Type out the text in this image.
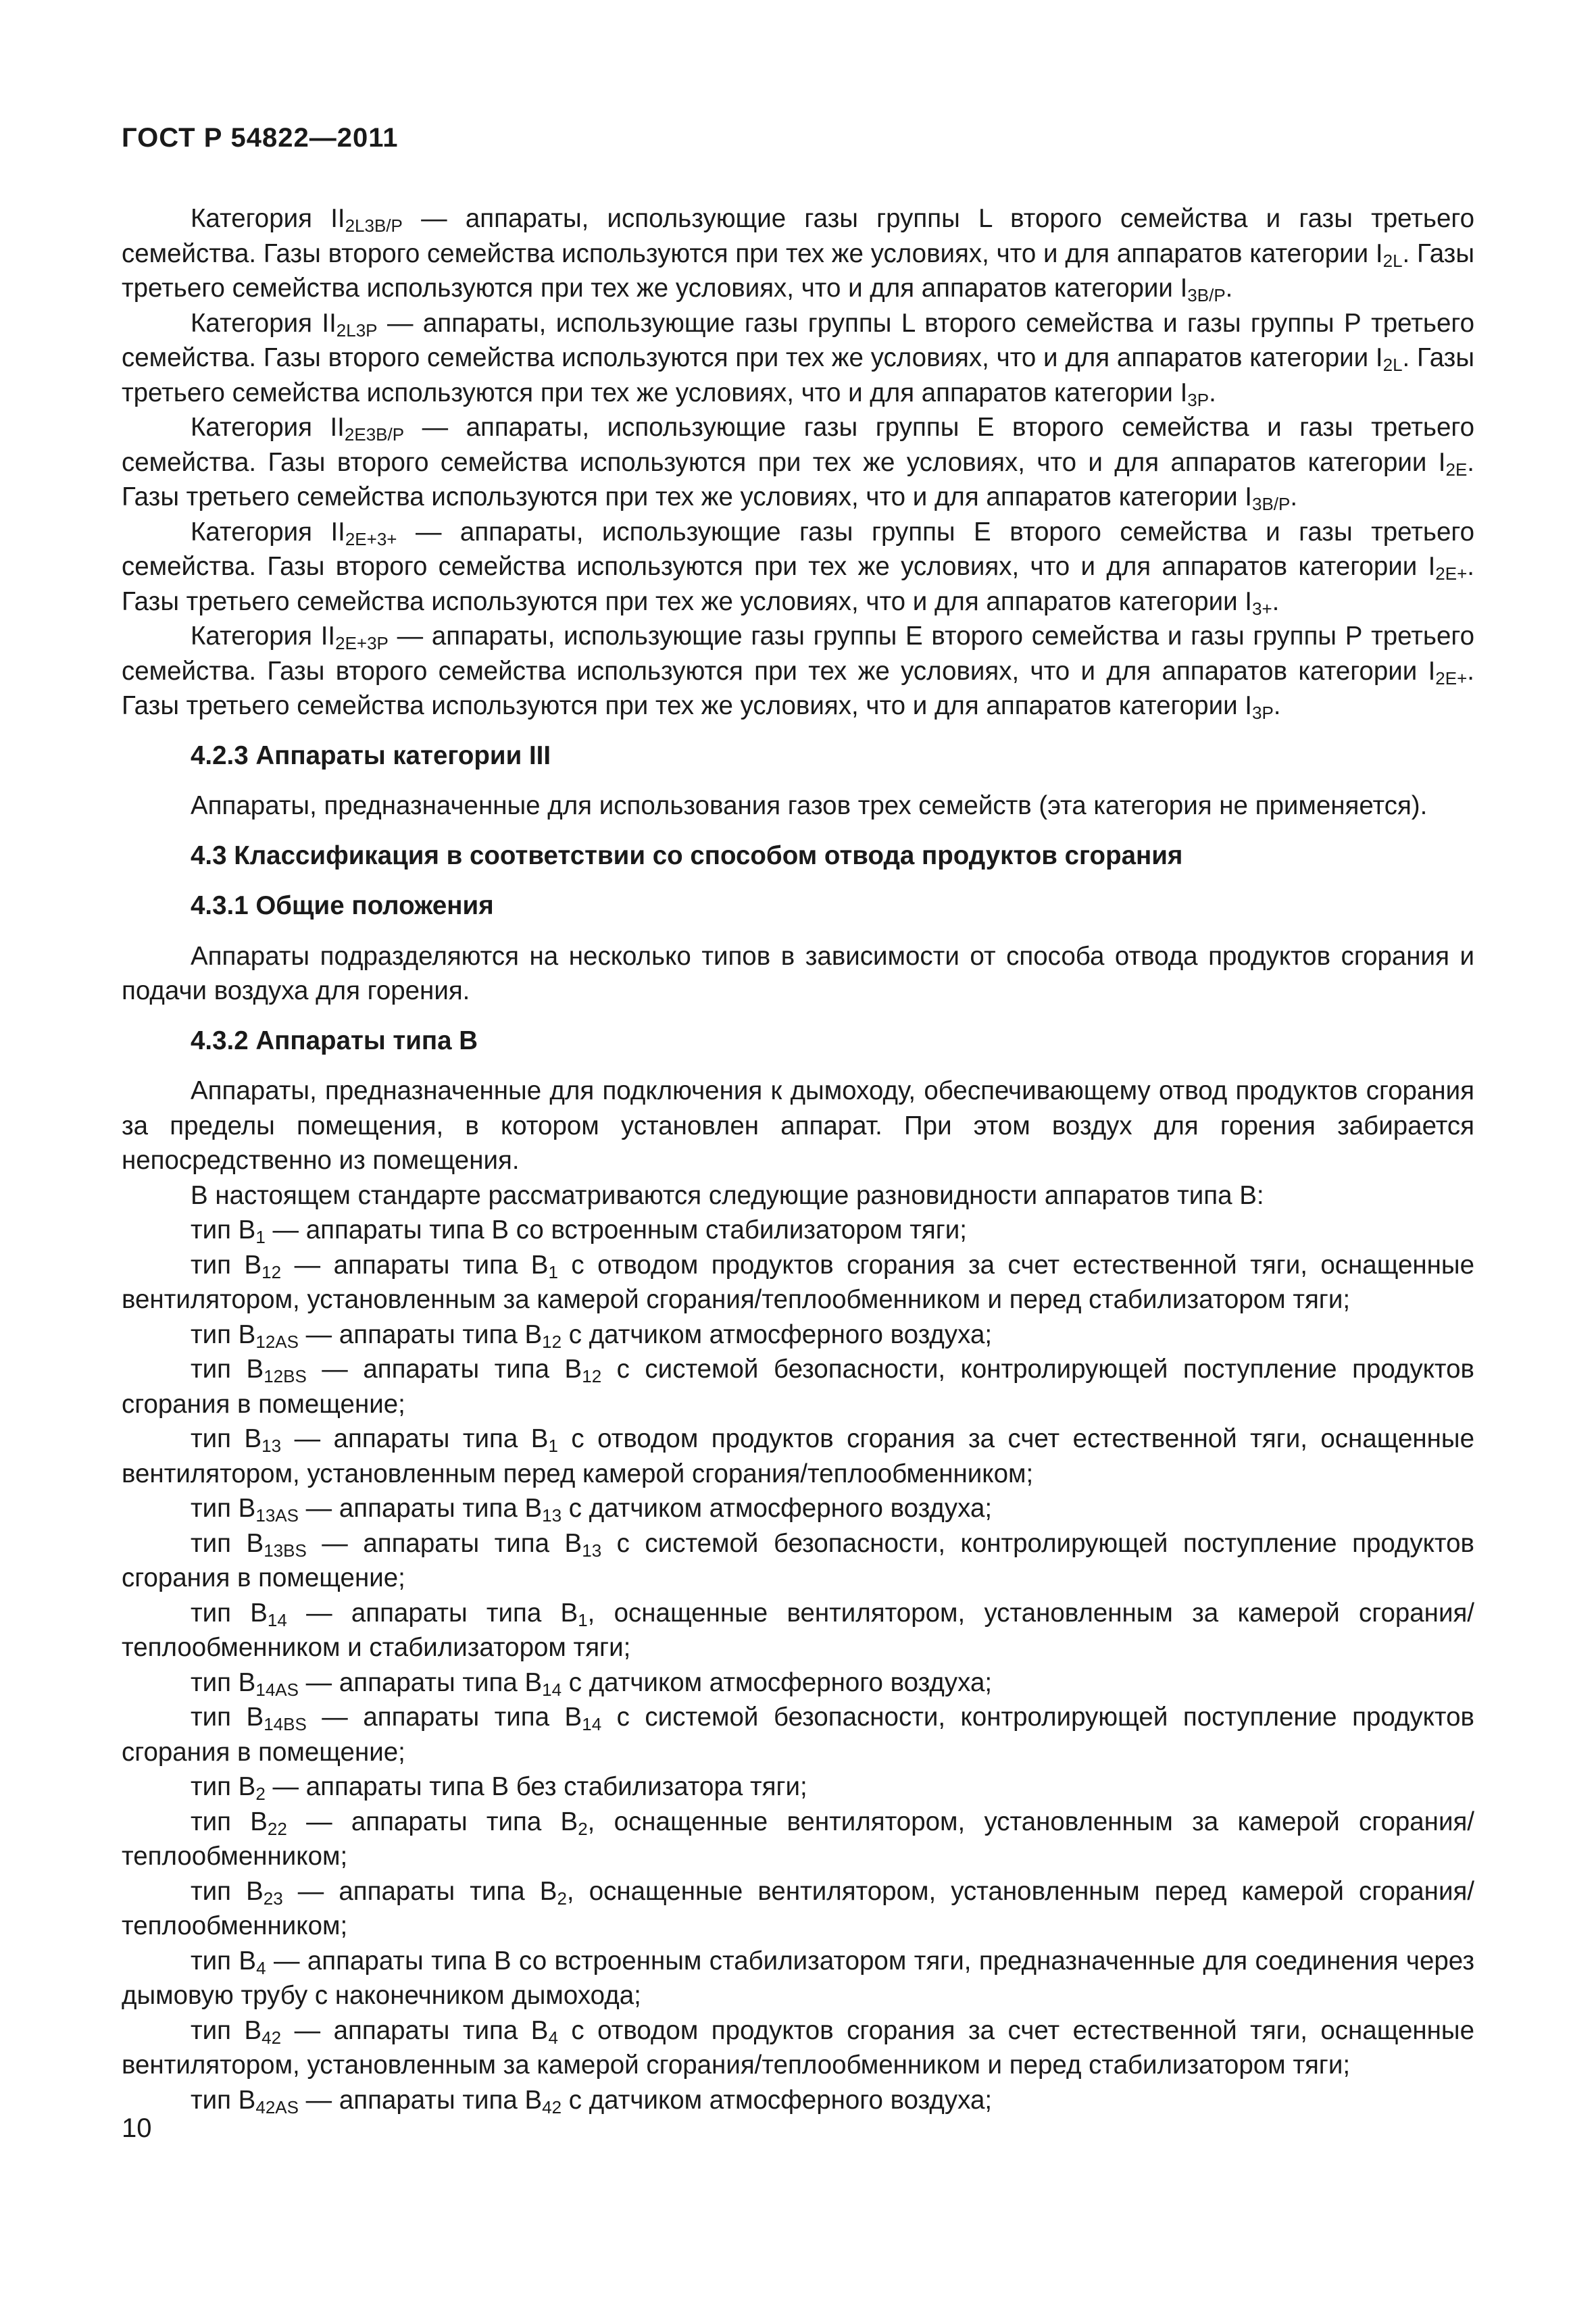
ГОСТ Р 54822—2011

Категория $II_{2L3B/P}$ — аппараты, использующие газы группы L второго семейства и газы третьего семейства. Газы второго семейства используются при тех же условиях, что и для аппаратов категории $I_{2L}$. Газы третьего семейства используются при тех же условиях, что и для аппаратов категории $I_{3B/P}$.

Категория $II_{2L3P}$ — аппараты, использующие газы группы L второго семейства и газы группы Р третьего семейства. Газы второго семейства используются при тех же условиях, что и для аппаратов категории $I_{2L}$. Газы третьего семейства используются при тех же условиях, что и для аппаратов категории $I_{3P}$.

Категория $II_{2E3B/P}$ — аппараты, использующие газы группы Е второго семейства и газы третьего семейства. Газы второго семейства используются при тех же условиях, что и для аппаратов категории $I_{2E}$. Газы третьего семейства используются при тех же условиях, что и для аппаратов категории $I_{3B/P}$.

Категория $II_{2E+3+}$ — аппараты, использующие газы группы Е второго семейства и газы третьего семейства. Газы второго семейства используются при тех же условиях, что и для аппаратов категории $I_{2E+}$. Газы третьего семейства используются при тех же условиях, что и для аппаратов категории $I_{3+}$.

Категория $II_{2E+3P}$ — аппараты, использующие газы группы Е второго семейства и газы группы Р третьего семейства. Газы второго семейства используются при тех же условиях, что и для аппаратов категории $I_{2E+}$. Газы третьего семейства используются при тех же условиях, что и для аппаратов категории $I_{3P}$.

4.2.3 Аппараты категории III

Аппараты, предназначенные для использования газов трех семейств (эта категория не применяется).

4.3 Классификация в соответствии со способом отвода продуктов сгорания
4.3.1 Общие положения

Аппараты подразделяются на несколько типов в зависимости от способа отвода продуктов сгорания и подачи воздуха для горения.

4.3.2 Аппараты типа В

Аппараты, предназначенные для подключения к дымоходу, обеспечивающему отвод продуктов сгорания за пределы помещения, в котором установлен аппарат. При этом воздух для горения забирается непосредственно из помещения.

В настоящем стандарте рассматриваются следующие разновидности аппаратов типа В:

тип $В_1$ — аппараты типа В со встроенным стабилизатором тяги;

тип $В_{12}$ — аппараты типа $В_1$ с отводом продуктов сгорания за счет естественной тяги, оснащенные вентилятором, установленным за камерой сгорания/теплообменником и перед стабилизатором тяги;

тип $В_{12AS}$ — аппараты типа $В_{12}$ с датчиком атмосферного воздуха;

тип $В_{12BS}$ — аппараты типа $В_{12}$ с системой безопасности, контролирующей поступление продуктов сгорания в помещение;

тип $В_{13}$ — аппараты типа $В_1$ с отводом продуктов сгорания за счет естественной тяги, оснащенные вентилятором, установленным перед камерой сгорания/теплообменником;

тип $В_{13AS}$ — аппараты типа $В_{13}$ с датчиком атмосферного воздуха;

тип $В_{13BS}$ — аппараты типа $В_{13}$ с системой безопасности, контролирующей поступление продуктов сгорания в помещение;

тип $В_{14}$ — аппараты типа $В_1$, оснащенные вентилятором, установленным за камерой сгорания/теплообменником и стабилизатором тяги;

тип $В_{14AS}$ — аппараты типа $В_{14}$ с датчиком атмосферного воздуха;

тип $В_{14BS}$ — аппараты типа $В_{14}$ с системой безопасности, контролирующей поступление продуктов сгорания в помещение;

тип $В_2$ — аппараты типа В без стабилизатора тяги;

тип $В_{22}$ — аппараты типа $В_2$, оснащенные вентилятором, установленным за камерой сгорания/теплообменником;

тип $В_{23}$ — аппараты типа $В_2$, оснащенные вентилятором, установленным перед камерой сгорания/теплообменником;

тип $В_4$ — аппараты типа В со встроенным стабилизатором тяги, предназначенные для соединения через дымовую трубу с наконечником дымохода;

тип $В_{42}$ — аппараты типа $В_4$ с отводом продуктов сгорания за счет естественной тяги, оснащенные вентилятором, установленным за камерой сгорания/теплообменником и перед стабилизатором тяги;

тип $В_{42AS}$ — аппараты типа $В_{42}$ с датчиком атмосферного воздуха;

10
